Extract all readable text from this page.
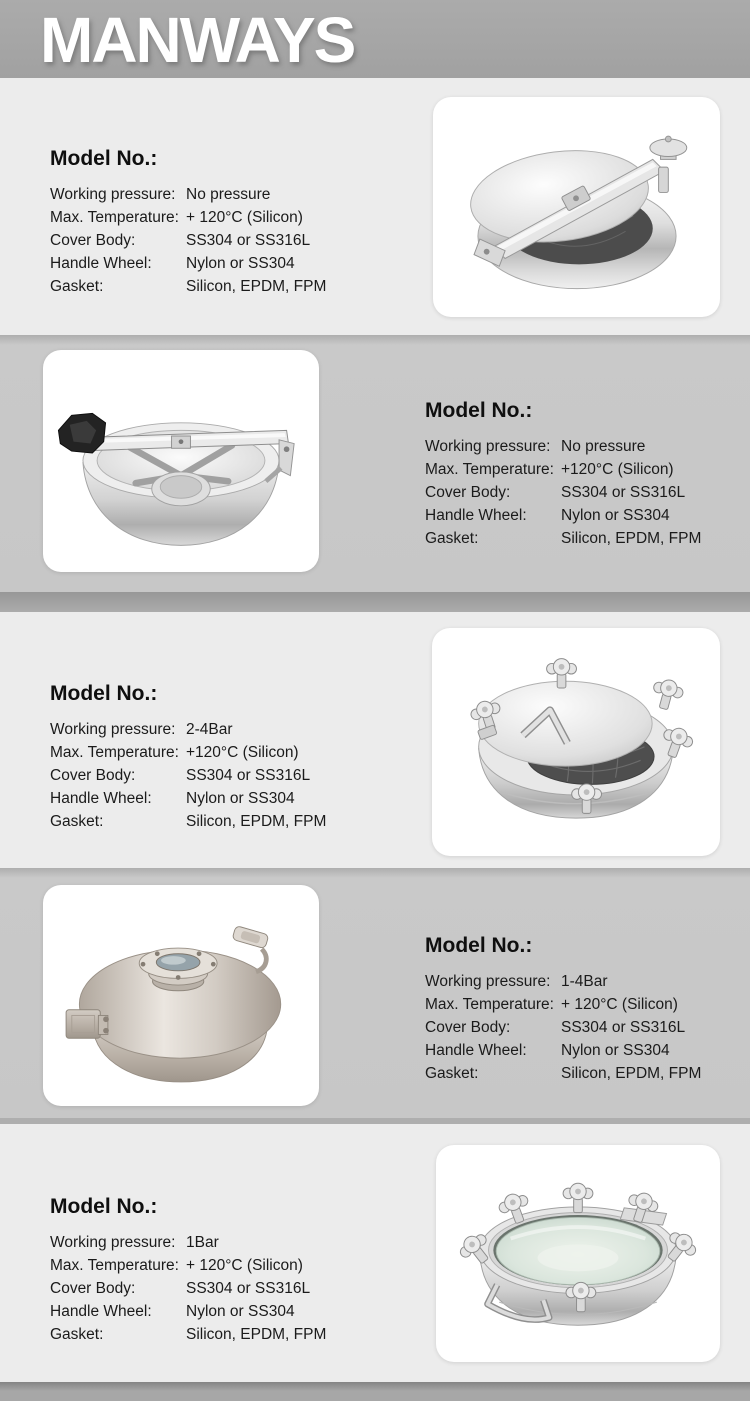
MANWAYS
Model No.:
Working pressure: No pressure
Max. Temperature: + 120°C (Silicon)
Cover Body:	SS304 or SS316L
Handle Wheel:	Nylon or SS304
Gasket:	Silicon, EPDM, FPM
Model No.:
Working pressure: No pressure
Max. Temperature: +120°C (Silicon)
Cover Body:	SS304 or SS316L
Handle Wheel:	Nylon or SS304
Gasket:	Silicon, EPDM, FPM
Model No.:
Working pressure: 2-4Bar
Max. Temperature: +120°C (Silicon)
Cover Body:	SS304 or SS316L
Handle Wheel:	Nylon or SS304
Gasket:	Silicon, EPDM, FPM
Model No.:
Working pressure: 1-4Bar
Max. Temperature: + 120°C (Silicon)
Cover Body:	SS304 or SS316L
Handle Wheel:	Nylon or SS304
Gasket:	Silicon, EPDM, FPM
Model No.:
Working pressure: 1Bar
Max. Temperature: + 120°C (Silicon)
Cover Body:	SS304 or SS316L
Handle Wheel:	Nylon or SS304
Gasket:	Silicon, EPDM, FPM
